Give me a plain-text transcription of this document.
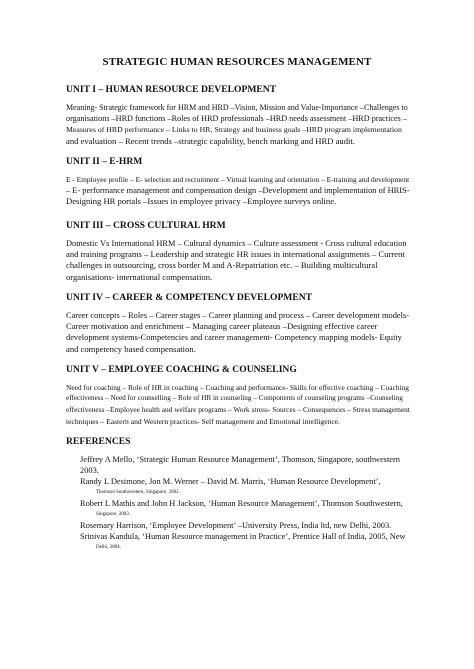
STRATEGIC HUMAN RESOURCES MANAGEMENT
UNIT I – HUMAN RESOURCE DEVELOPMENT
Meaning- Strategic framework for HRM and HRD –Vision, Mission and Value-Importance –Challenges to
organisations –HRD functions –Roles of HRD professionals –HRD needs assessment –HRD practices –
Measures of HRD performance – Links to HR, Strategy and business goals –HRD program implementation
and evaluation – Recent trends –strategic capability, bench marking and HRD audit.
UNIT II – E-HRM
E - Employee profile – E- selection and recruitment – Virtual learning and orientation – E-training and development
– E- performance management and compensation design –Development and implementation of HRIS-
Designing HR portals –Issues in employee privacy –Employee surveys online.
UNIT III – CROSS CULTURAL HRM
Domestic Vs International HRM – Cultural dynamics – Culture assessment - Cross cultural education
and training programs – Leadership and strategic HR issues in international assignments – Current
challenges in outsourcing, cross border M and A-Repatriation etc. – Building multicultural
organisations- international compensation.
UNIT IV – CAREER & COMPETENCY DEVELOPMENT
Career concepts – Roles – Career stages – Career planning and process – Career development models-
Career motivation and enrichment – Managing career plateaus –Designing effective career
development systems-Competencies and career management- Competency mapping models- Equity
and competency based compensation.
UNIT V – EMPLOYEE COACHING & COUNSELING
Need for coaching – Role of HR in coaching – Coaching and performance- Skills for effective coaching – Coaching
effectiveness – Need for counselling – Role of HR in counseling – Components of counseling programs –Counseling
effectiveness –Employee health and welfare programs – Work stress- Sources – Consequences – Stress management
techniques – Eastern and Western practices- Self management and Emotional intelligence.
REFERENCES
Jeffrey A Mello, ‘Strategic Human Resource Management’, Thomson, Singapore, southwestern 2003.
Randy L Desimone, Jon M. Werner – David M. Marris, ‘Human Resource Development’,
Thomson Southwestern, Singapore, 2002.
Robert L Mathis and John H Jackson, ‘Human Resource Management’, Thomson Southwestern,
Singapore, 2003.
Rosemary Harrison, ‘Employee Development’ –University Press, India ltd, new Delhi, 2003.
Srinivas Kandula, ‘Human Resource management in Practice’, Prentice Hall of India, 2005, New
Delhi, 2004.
